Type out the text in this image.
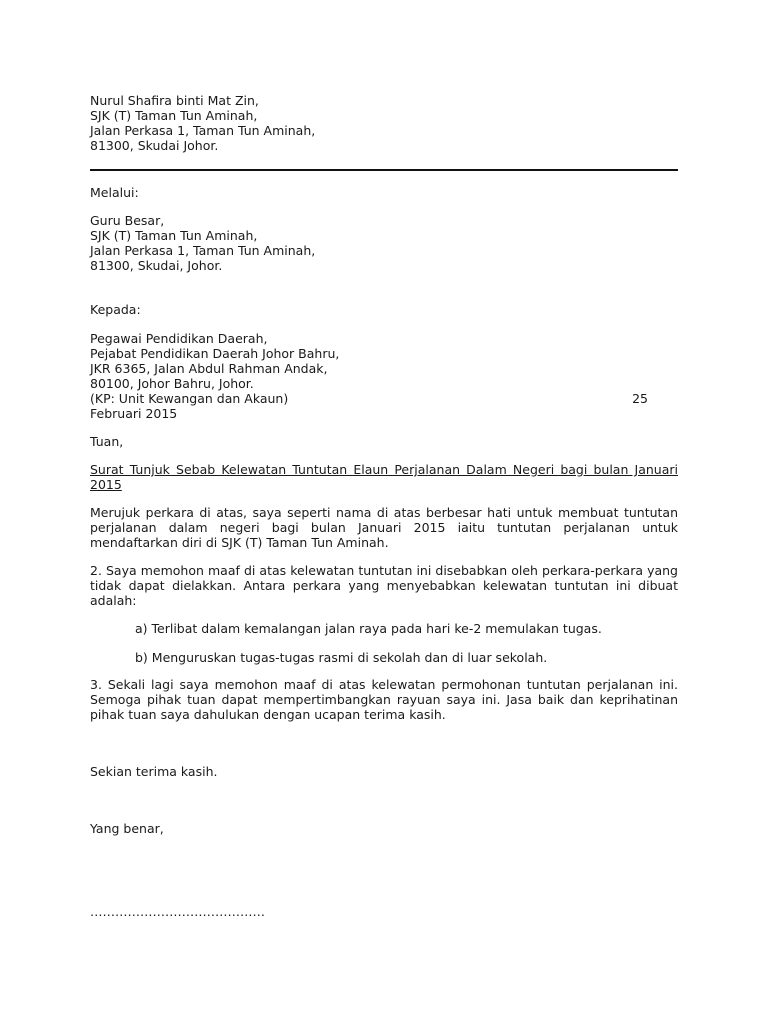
Nurul Shafira binti Mat Zin,
SJK (T) Taman Tun Aminah,
Jalan Perkasa 1, Taman Tun Aminah,
81300, Skudai Johor.
Melalui:
Guru Besar,
SJK (T) Taman Tun Aminah,
Jalan Perkasa 1, Taman Tun Aminah,
81300, Skudai, Johor.
Kepada:
Pegawai Pendidikan Daerah,
Pejabat Pendidikan Daerah Johor Bahru,
JKR 6365, Jalan Abdul Rahman Andak,
80100, Johor Bahru, Johor.
(KP: Unit Kewangan dan Akaun)	25
Februari 2015
Tuan,
Surat Tunjuk Sebab Kelewatan Tuntutan Elaun Perjalanan Dalam Negeri bagi bulan Januari 2015
Merujuk perkara di atas, saya seperti nama di atas berbesar hati untuk membuat tuntutan perjalanan dalam negeri bagi bulan Januari 2015 iaitu tuntutan perjalanan untuk mendaftarkan diri di SJK (T) Taman Tun Aminah.
2. Saya memohon maaf di atas kelewatan tuntutan ini disebabkan oleh perkara-perkara yang tidak dapat dielakkan. Antara perkara yang menyebabkan kelewatan tuntutan ini dibuat adalah:
a) Terlibat dalam kemalangan jalan raya pada hari ke-2 memulakan tugas.
b) Menguruskan tugas-tugas rasmi di sekolah dan di luar sekolah.
3. Sekali lagi saya memohon maaf di atas kelewatan permohonan tuntutan perjalanan ini. Semoga pihak tuan dapat mempertimbangkan rayuan saya ini. Jasa baik dan keprihatinan pihak tuan saya dahulukan dengan ucapan terima kasih.
Sekian terima kasih.
Yang benar,
……………………………………
